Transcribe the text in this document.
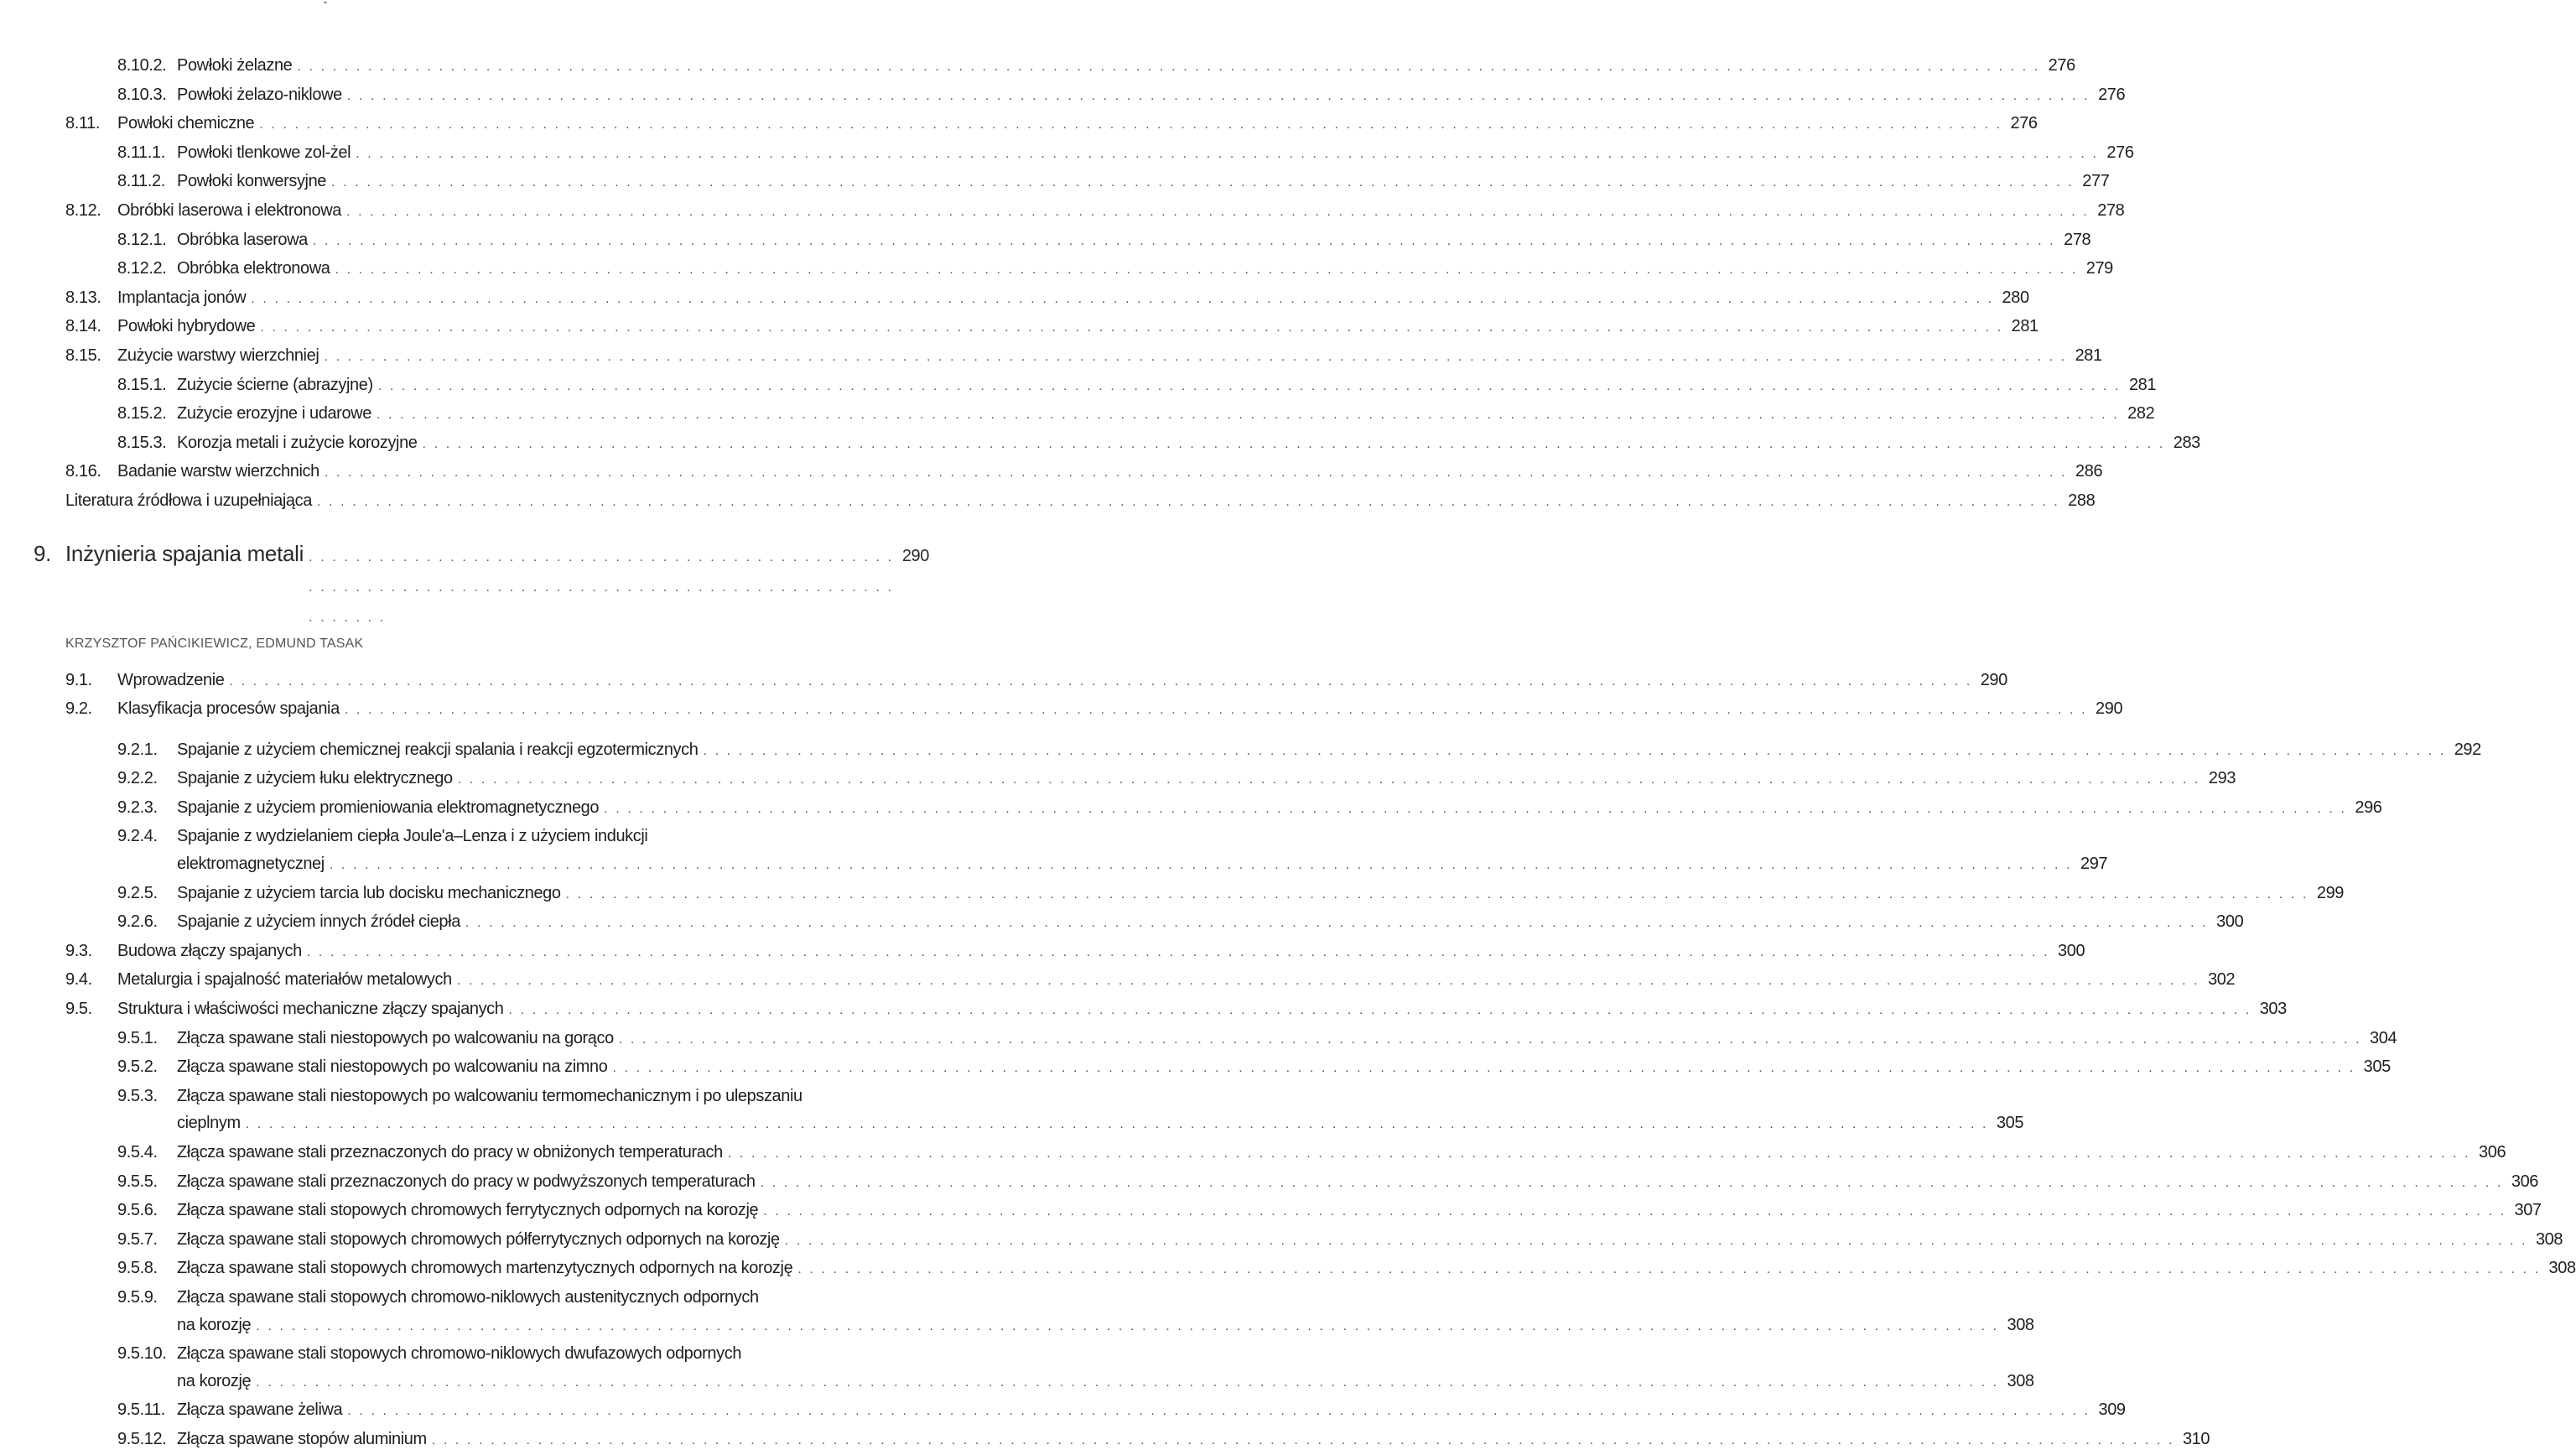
8.10.2. Powłoki żelazne . . .	276
8.10.3. Powłoki żelazo-niklowe . . .	276
8.11.	Powłoki chemiczne . . .	276
8.11.1. Powłoki tlenkowe zol-żel . . .	276
8.11.2. Powłoki konwersyjne . . .	277
8.12. Obróbki laserowa i elektronowa . . .	278
8.12.1. Obróbka laserowa . . .	278
8.12.2. Obróbka elektronowa . . .	279
8.13. Implantacja jonów . . .	280
8.14. Powłoki hybrydowe . . .	281
8.15. Zużycie warstwy wierzchniej . . .	281
8.15.1. Zużycie ścierne (abrazyjne) . . .	281
8.15.2. Zużycie erozyjne i udarowe . . .	282
8.15.3. Korozja metali i zużycie korozyjne . . .	283
8.16. Badanie warstw wierzchnich . . .	286
Literatura źródłowa i uzupełniająca . . .	288
9. Inżynieria spajania metali . . .	290
KRZYSZTOF PAŃCIKIEWICZ, EDMUND TASAK
9.1.	Wprowadzenie . . .	290
9.2.	Klasyfikacja procesów spajania . . .	290
9.2.1.	Spajanie z użyciem chemicznej reakcji spalania i reakcji egzotermicznych . . .	292
9.2.2.	Spajanie z użyciem łuku elektrycznego . . .	293
9.2.3.	Spajanie z użyciem promieniowania elektromagnetycznego . . .	296
9.2.4.	Spajanie z wydzielaniem ciepła Joule'a–Lenza i z użyciem indukcji
elektromagnetycznej . . .	297
9.2.5.	Spajanie z użyciem tarcia lub docisku mechanicznego . . .	299
9.2.6.	Spajanie z użyciem innych źródeł ciepła . . .	300
9.3.	Budowa złączy spajanych . . .	300
9.4.	Metalurgia i spajalność materiałów metalowych . . .	302
9.5.	Struktura i właściwości mechaniczne złączy spajanych . . .	303
9.5.1.	Złącza spawane stali niestopowych po walcowaniu na gorąco . . .	304
9.5.2.	Złącza spawane stali niestopowych po walcowaniu na zimno . . .	305
9.5.3.	Złącza spawane stali niestopowych po walcowaniu termomechanicznym i po ulepszaniu
cieplnym . . .	305
9.5.4.	Złącza spawane stali przeznaczonych do pracy w obniżonych temperaturach . . .	306
9.5.5.	Złącza spawane stali przeznaczonych do pracy w podwyższonych temperaturach . . .	306
9.5.6.	Złącza spawane stali stopowych chromowych ferrytycznych odpornych na korozję . . .	307
9.5.7.	Złącza spawane stali stopowych chromowych półferrytycznych odpornych na korozję . . .	308
9.5.8.	Złącza spawane stali stopowych chromowych martenzytycznych odpornych na korozję . . .	308
9.5.9.	Złącza spawane stali stopowych chromowo-niklowych austenitycznych odpornych
na korozję . . .	308
9.5.10. Złącza spawane stali stopowych chromowo-niklowych dwufazowych odpornych
na korozję . . .	308
9.5.11. Złącza spawane żeliwa . . .	309
9.5.12. Złącza spawane stopów aluminium . . .	310
